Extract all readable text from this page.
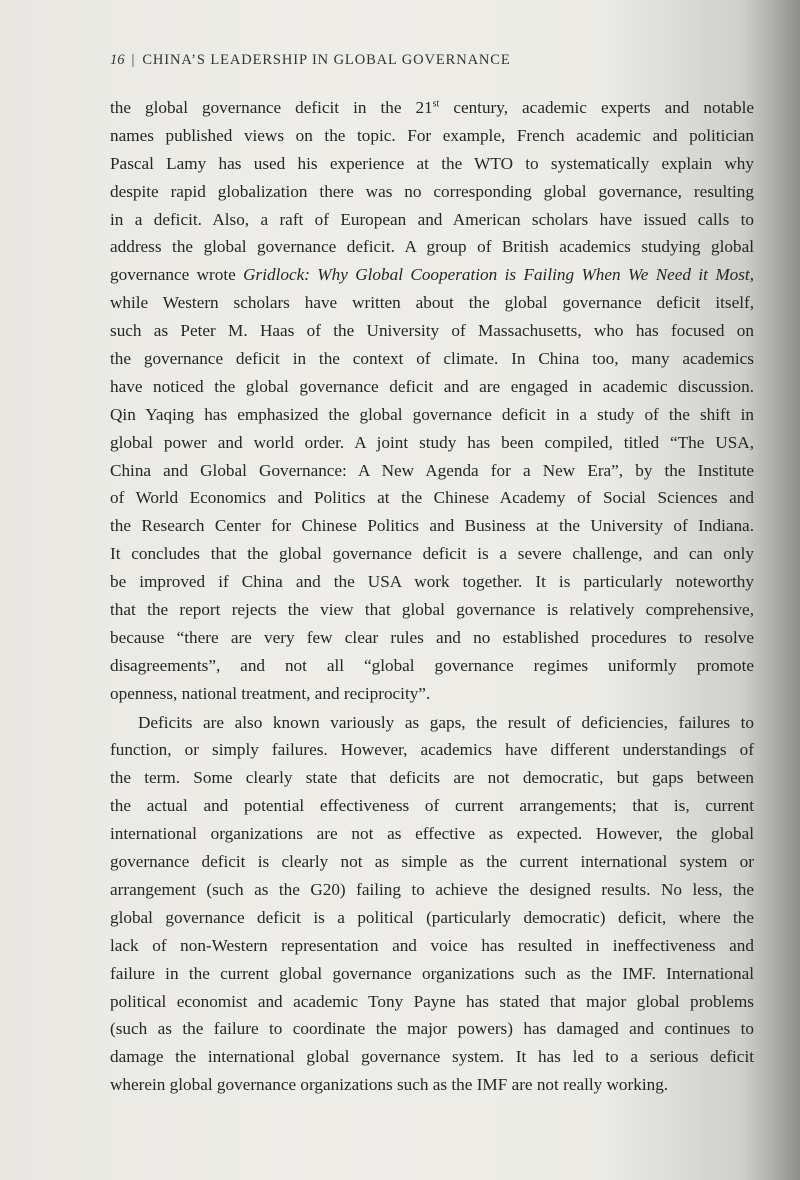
16 | CHINA’S LEADERSHIP IN GLOBAL GOVERNANCE
the global governance deficit in the 21st century, academic experts and notable
names published views on the topic. For example, French academic and politician
Pascal Lamy has used his experience at the WTO to systematically explain why
despite rapid globalization there was no corresponding global governance, resulting
in a deficit. Also, a raft of European and American scholars have issued calls to
address the global governance deficit. A group of British academics studying global
governance wrote Gridlock: Why Global Cooperation is Failing When We Need it Most,
while Western scholars have written about the global governance deficit itself,
such as Peter M. Haas of the University of Massachusetts, who has focused on
the governance deficit in the context of climate. In China too, many academics
have noticed the global governance deficit and are engaged in academic discussion.
Qin Yaqing has emphasized the global governance deficit in a study of the shift in
global power and world order. A joint study has been compiled, titled “The USA,
China and Global Governance: A New Agenda for a New Era”, by the Institute
of World Economics and Politics at the Chinese Academy of Social Sciences and
the Research Center for Chinese Politics and Business at the University of Indiana.
It concludes that the global governance deficit is a severe challenge, and can only
be improved if China and the USA work together. It is particularly noteworthy
that the report rejects the view that global governance is relatively comprehensive,
because “there are very few clear rules and no established procedures to resolve
disagreements”, and not all “global governance regimes uniformly promote
openness, national treatment, and reciprocity”.
Deficits are also known variously as gaps, the result of deficiencies, failures to
function, or simply failures. However, academics have different understandings of
the term. Some clearly state that deficits are not democratic, but gaps between
the actual and potential effectiveness of current arrangements; that is, current
international organizations are not as effective as expected. However, the global
governance deficit is clearly not as simple as the current international system or
arrangement (such as the G20) failing to achieve the designed results. No less, the
global governance deficit is a political (particularly democratic) deficit, where the
lack of non-Western representation and voice has resulted in ineffectiveness and
failure in the current global governance organizations such as the IMF. International
political economist and academic Tony Payne has stated that major global problems
(such as the failure to coordinate the major powers) has damaged and continues to
damage the international global governance system. It has led to a serious deficit
wherein global governance organizations such as the IMF are not really working.
